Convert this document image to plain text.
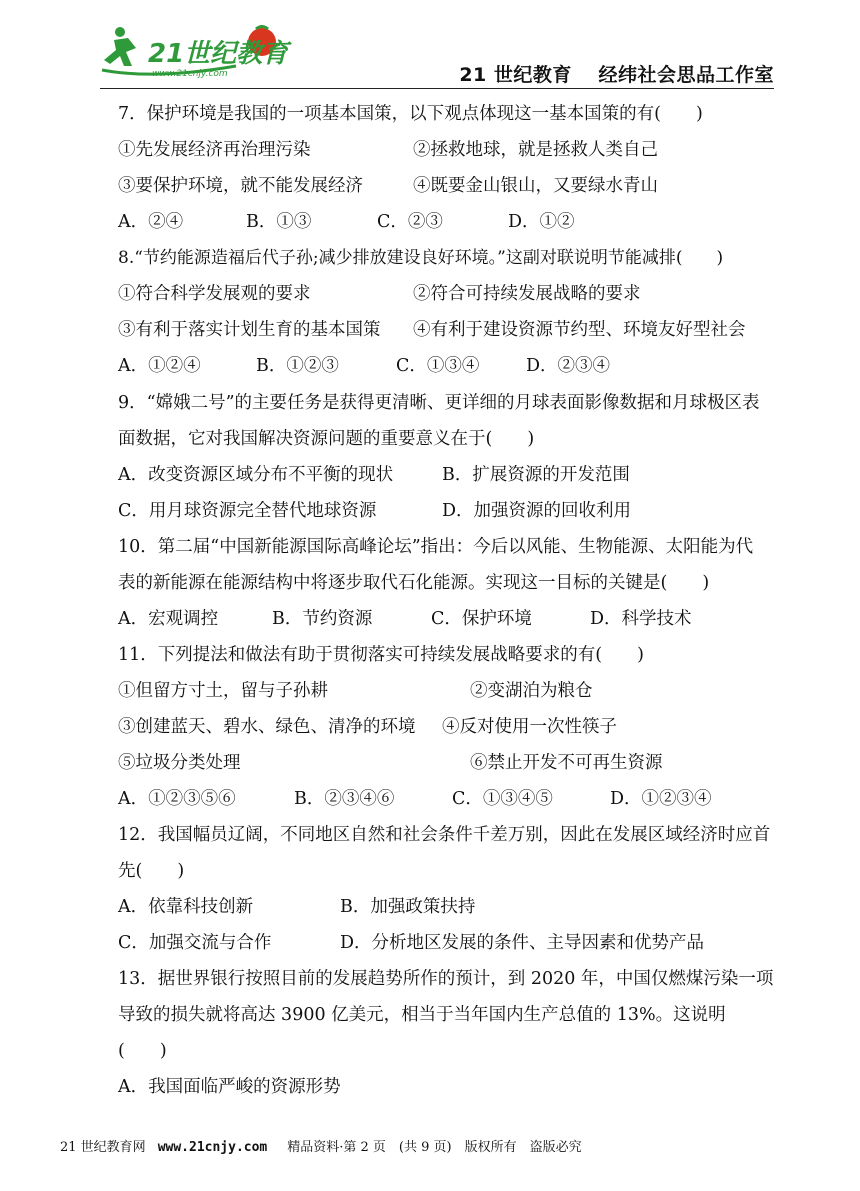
21世纪教育
www.21cnjy.com	21 世纪教育　 经纬社会思品工作室
7．保护环境是我国的一项基本国策，以下观点体现这一基本国策的有(　　)
①先发展经济再治理污染	②拯救地球，就是拯救人类自己
③要保护环境，就不能发展经济	④既要金山银山，又要绿水青山
A．②④	B．①③	C．②③	D．①②
8.“节约能源造福后代子孙;减少排放建设良好环境。”这副对联说明节能减排(　　)
①符合科学发展观的要求	②符合可持续发展战略的要求
③有利于落实计划生育的基本国策 ④有利于建设资源节约型、环境友好型社会
A．①②④	B．①②③	C．①③④	D．②③④
9．“嫦娥二号”的主要任务是获得更清晰、更详细的月球表面影像数据和月球极区表
面数据，它对我国解决资源问题的重要意义在于(　　)
A．改变资源区域分布不平衡的现状	B．扩展资源的开发范围
C．用月球资源完全替代地球资源	D．加强资源的回收利用
10．第二届“中国新能源国际高峰论坛”指出：今后以风能、生物能源、太阳能为代
表的新能源在能源结构中将逐步取代石化能源。实现这一目标的关键是(　　)
A．宏观调控	B．节约资源	C．保护环境	D．科学技术
11．下列提法和做法有助于贯彻落实可持续发展战略要求的有(　　)
①但留方寸土，留与子孙耕	②变湖泊为粮仓
③创建蓝天、碧水、绿色、清净的环境 ④反对使用一次性筷子
⑤垃圾分类处理	⑥禁止开发不可再生资源
A．①②③⑤⑥	B．②③④⑥	C．①③④⑤	D．①②③④
12．我国幅员辽阔，不同地区自然和社会条件千差万别，因此在发展区域经济时应首
先(　　)
A．依靠科技创新	B．加强政策扶持
C．加强交流与合作	D．分析地区发展的条件、主导因素和优势产品
13．据世界银行按照目前的发展趋势所作的预计，到 2020 年，中国仅燃煤污染一项
导致的损失就将高达 3900 亿美元，相当于当年国内生产总值的 13%。这说明
(　　)
A．我国面临严峻的资源形势
21 世纪教育网 www.21cnjy.com 精品资料·第 2 页　(共 9 页)　版权所有　盗版必究
